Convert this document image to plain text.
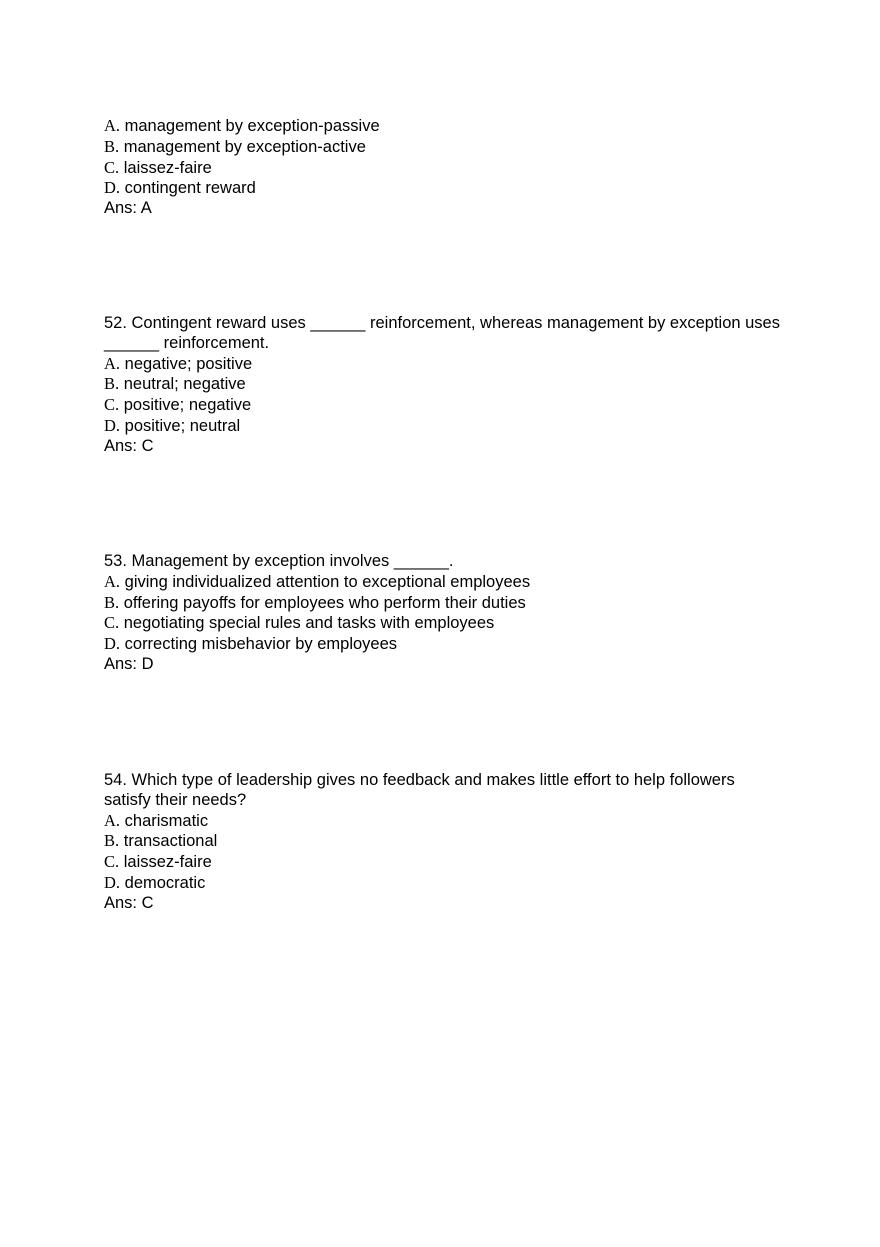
A. management by exception-passive
B. management by exception-active
C. laissez-faire
D. contingent reward
Ans: A
52. Contingent reward uses ______ reinforcement, whereas management by exception uses ______ reinforcement.
A. negative; positive
B. neutral; negative
C. positive; negative
D. positive; neutral
Ans: C
53. Management by exception involves ______.
A. giving individualized attention to exceptional employees
B. offering payoffs for employees who perform their duties
C. negotiating special rules and tasks with employees
D. correcting misbehavior by employees
Ans: D
54. Which type of leadership gives no feedback and makes little effort to help followers satisfy their needs?
A. charismatic
B. transactional
C. laissez-faire
D. democratic
Ans: C
